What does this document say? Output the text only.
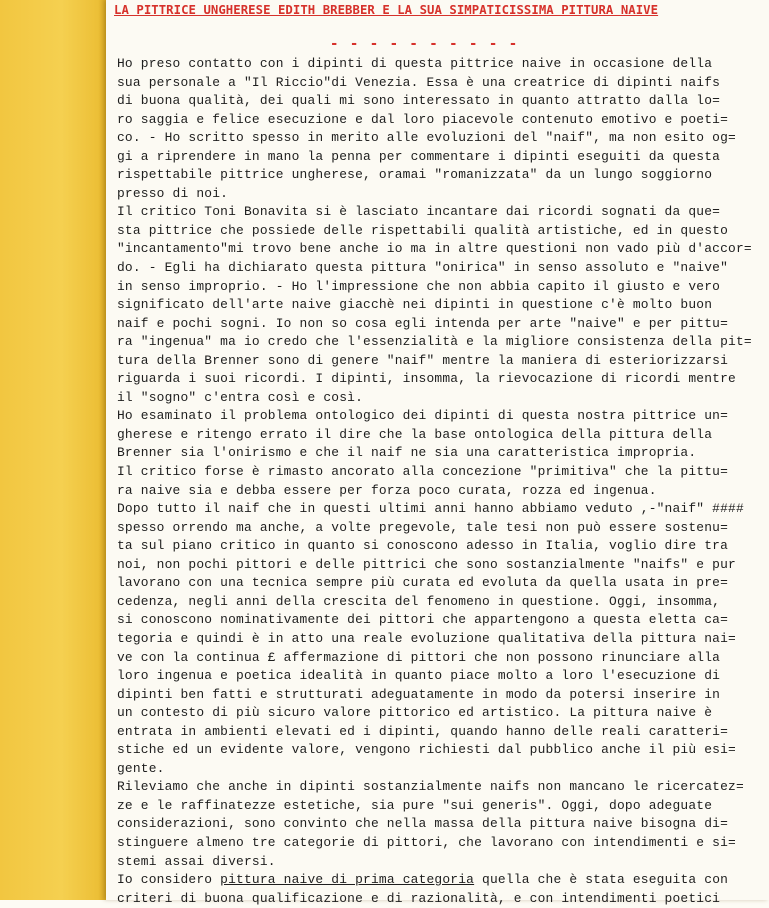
LA PITTRICE UNGHERESE EDITH BREBBER E LA SUA SIMPATICISSIMA PITTURA NAIVE
- - - - - - - - - -
Ho preso contatto con i dipinti di questa pittrice naive in occasione della
sua personale a "Il Riccio"di Venezia. Essa è una creatrice di dipinti naifs
di buona qualità, dei quali mi sono interessato in quanto attratto dalla lo=
ro saggia e felice esecuzione e dal loro piacevole contenuto emotivo e poeti=
co. - Ho scritto spesso in merito alle evoluzioni del "naif", ma non esito og=
gi a riprendere in mano la penna per commentare i dipinti eseguiti da questa
rispettabile pittrice ungherese, oramai "romanizzata" da un lungo soggiorno
presso di noi.
Il critico Toni Bonavita si è lasciato incantare dai ricordi sognati da que=
sta pittrice che possiede delle rispettabili qualità artistiche, ed in questo
"incantamento"mi trovo bene anche io ma in altre questioni non vado più d'accor=
do. - Egli ha dichiarato questa pittura "onirica" in senso assoluto e "naive"
in senso improprio. - Ho l'impressione che non abbia capito il giusto e vero
significato dell'arte naive giacchè nei dipinti in questione c'è molto buon
naif e pochi sogni. Io non so cosa egli intenda per arte "naive" e per pittu=
ra "ingenua" ma io credo che l'essenzialità e la migliore consistenza della pit=
tura della Brenner sono di genere "naif" mentre la maniera di esteriorizzarsi
riguarda i suoi ricordi. I dipinti, insomma, la rievocazione di ricordi mentre
il "sogno" c'entra così e così.
Ho esaminato il problema ontologico dei dipinti di questa nostra pittrice un=
gherese e ritengo errato il dire che la base ontologica della pittura della
Brenner sia l'onirismo e che il naif ne sia una caratteristica impropria.
Il critico forse è rimasto ancorato alla concezione "primitiva" che la pittu=
ra naive sia e debba essere per forza poco curata, rozza ed ingenua.
Dopo tutto il naif che in questi ultimi anni hanno abbiamo veduto ,-"naif" ####
spesso orrendo ma anche, a volte pregevole, tale tesi non può essere sostenu=
ta sul piano critico in quanto si conoscono adesso in Italia, voglio dire tra
noi, non pochi pittori e delle pittrici che sono sostanzialmente "naifs" e pur
lavorano con una tecnica sempre più curata ed evoluta da quella usata in pre=
cedenza, negli anni della crescita del fenomeno in questione. Oggi, insomma,
si conoscono nominativamente dei pittori che appartengono a questa eletta ca=
tegoria e quindi è in atto una reale evoluzione qualitativa della pittura nai=
ve con la continua £ affermazione di pittori che non possono rinunciare alla
loro ingenua e poetica idealità in quanto piace molto a loro l'esecuzione di
dipinti ben fatti e strutturati adeguatamente in modo da potersi inserire in
un contesto di più sicuro valore pittorico ed artistico. La pittura naive è
entrata in ambienti elevati ed i dipinti, quando hanno delle reali caratteri=
stiche ed un evidente valore, vengono richiesti dal pubblico anche il più esi=
gente.
Rileviamo che anche in dipinti sostanzialmente naifs non mancano le ricercatez=
ze e le raffinatezze estetiche, sia pure "sui generis". Oggi, dopo adeguate
considerazioni, sono convinto che nella massa della pittura naive bisogna di=
stinguere almeno tre categorie di pittori, che lavorano con intendimenti e si=
stemi assai diversi.
Io considero pittura naive di prima categoria quella che è stata eseguita con
criteri di buona qualificazione e di razionalità, e con intendimenti poetici
